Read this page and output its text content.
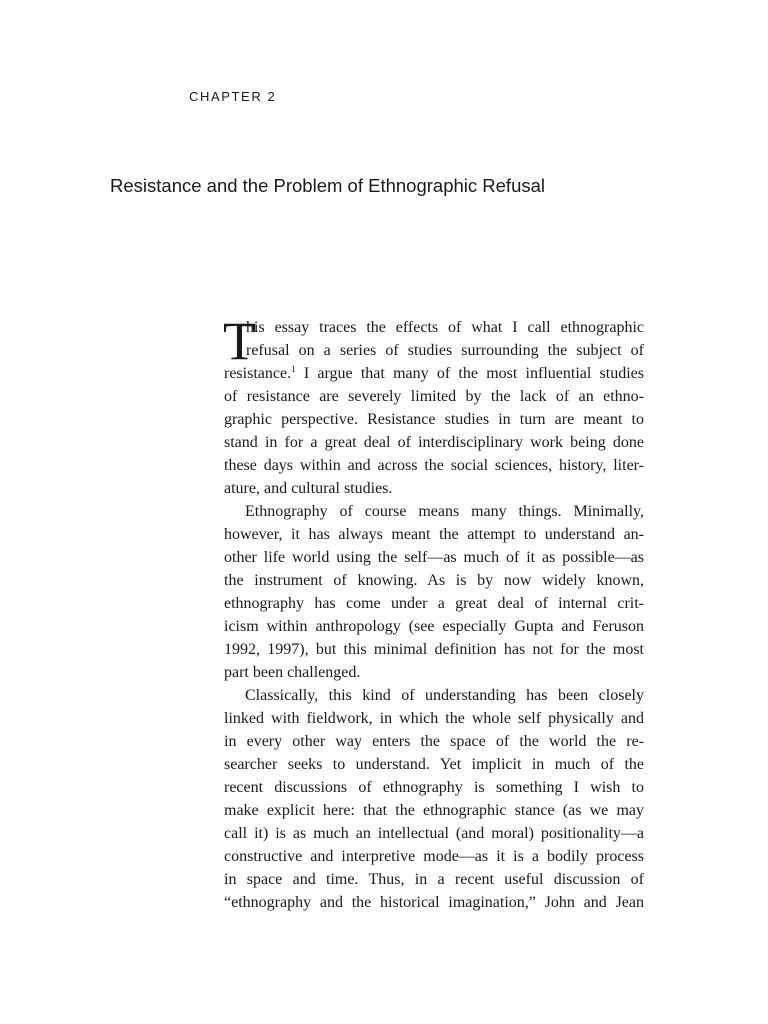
CHAPTER 2

Resistance and the Problem of Ethnographic Refusal
T
his essay traces the effects of what I call ethnographic
refusal on a series of studies surrounding the subject of
resistance.$^1$ I argue that many of the most influential studies
of resistance are severely limited by the lack of an ethno-
graphic perspective. Resistance studies in turn are meant to
stand in for a great deal of interdisciplinary work being done
these days within and across the social sciences, history, liter-
ature, and cultural studies.
Ethnography of course means many things. Minimally,
however, it has always meant the attempt to understand an-
other life world using the self—as much of it as possible—as
the instrument of knowing. As is by now widely known,
ethnography has come under a great deal of internal crit-
icism within anthropology (see especially Gupta and Feruson
1992, 1997), but this minimal definition has not for the most
part been challenged.
Classically, this kind of understanding has been closely
linked with fieldwork, in which the whole self physically and
in every other way enters the space of the world the re-
searcher seeks to understand. Yet implicit in much of the
recent discussions of ethnography is something I wish to
make explicit here: that the ethnographic stance (as we may
call it) is as much an intellectual (and moral) positionality—a
constructive and interpretive mode—as it is a bodily process
in space and time. Thus, in a recent useful discussion of
“ethnography and the historical imagination,” John and Jean
